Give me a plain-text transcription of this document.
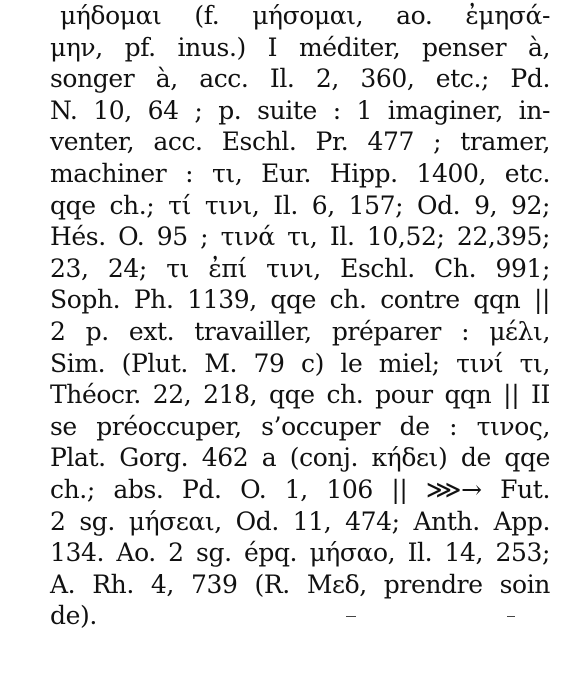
μήδομαι (f. μήσομαι, ao. ἐμησά-
μην, pf. inus.) I méditer, penser à,
songer à, acc. Il. 2, 360, etc.; Pd.
N. 10, 64 ; p. suite : 1 imaginer, in-
venter, acc. Eschl. Pr. 477 ; tramer,
machiner : τι, Eur. Hipp. 1400, etc.
qqe ch.; τί τινι, Il. 6, 157; Od. 9, 92;
Hés. O. 95 ; τινά τι, Il. 10,52; 22,395;
23, 24; τι ἐπί τινι, Eschl. Ch. 991;
Soph. Ph. 1139, qqe ch. contre qqn ||
2 p. ext. travailler, préparer : μέλι,
Sim. (Plut. M. 79 c) le miel; τινί τι,
Théocr. 22, 218, qqe ch. pour qqn || II
se préoccuper, s’occuper de : τινος,
Plat. Gorg. 462 a (conj. κήδει) de qqe
ch.; abs. Pd. O. 1, 106 || ⋙→ Fut.
2 sg. μήσεαι, Od. 11, 474; Anth. App.
134. Ao. 2 sg. épq. μήσαο, Il. 14, 253;
A. Rh. 4, 739 (R. Μεδ, prendre soin
de).
